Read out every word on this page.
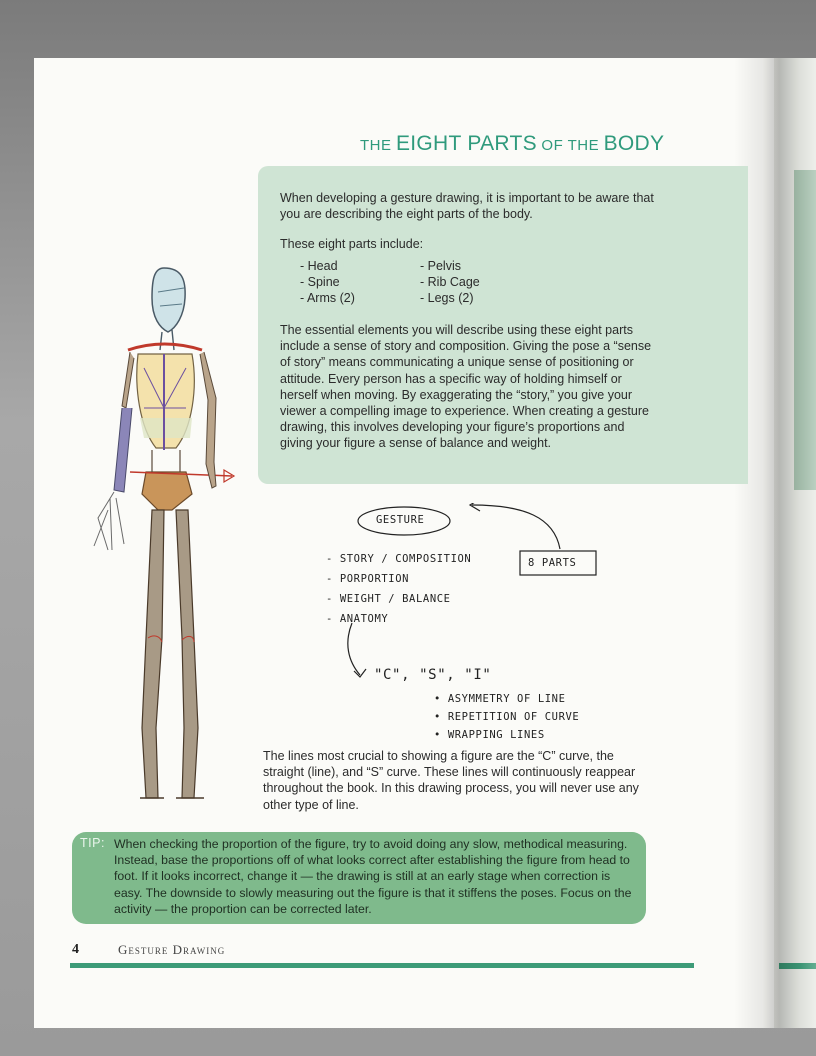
THE EIGHT PARTS OF THE BODY
When developing a gesture drawing, it is important to be aware that you are describing the eight parts of the body.
These eight parts include:
- Head
- Spine
- Arms (2)
- Pelvis
- Rib Cage
- Legs (2)
The essential elements you will describe using these eight parts include a sense of story and composition. Giving the pose a “sense of story” means communicating a unique sense of positioning or attitude. Every person has a specific way of holding himself or herself when moving. By exaggerating the “story,” you give your viewer a compelling image to experience. When creating a gesture drawing, this involves developing your figure’s proportions and giving your figure a sense of balance and weight.
GESTURE
8 PARTS
- STORY / COMPOSITION
- PORPORTION
- WEIGHT / BALANCE
- ANATOMY
"C", "S", "I"
• ASYMMETRY OF LINE
• REPETITION OF CURVE
• WRAPPING LINES
The lines most crucial to showing a figure are the “C” curve, the straight (line), and “S” curve. These lines will continuously reappear throughout the book. In this drawing process, you will never use any other type of line.
TIP: When checking the proportion of the figure, try to avoid doing any slow, methodical measuring. Instead, base the proportions off of what looks correct after establishing the figure from head to foot. If it looks incorrect, change it — the drawing is still at an early stage when correction is easy. The downside to slowly measuring out the figure is that it stiffens the poses. Focus on the activity — the proportion can be corrected later.
4	Gesture Drawing
